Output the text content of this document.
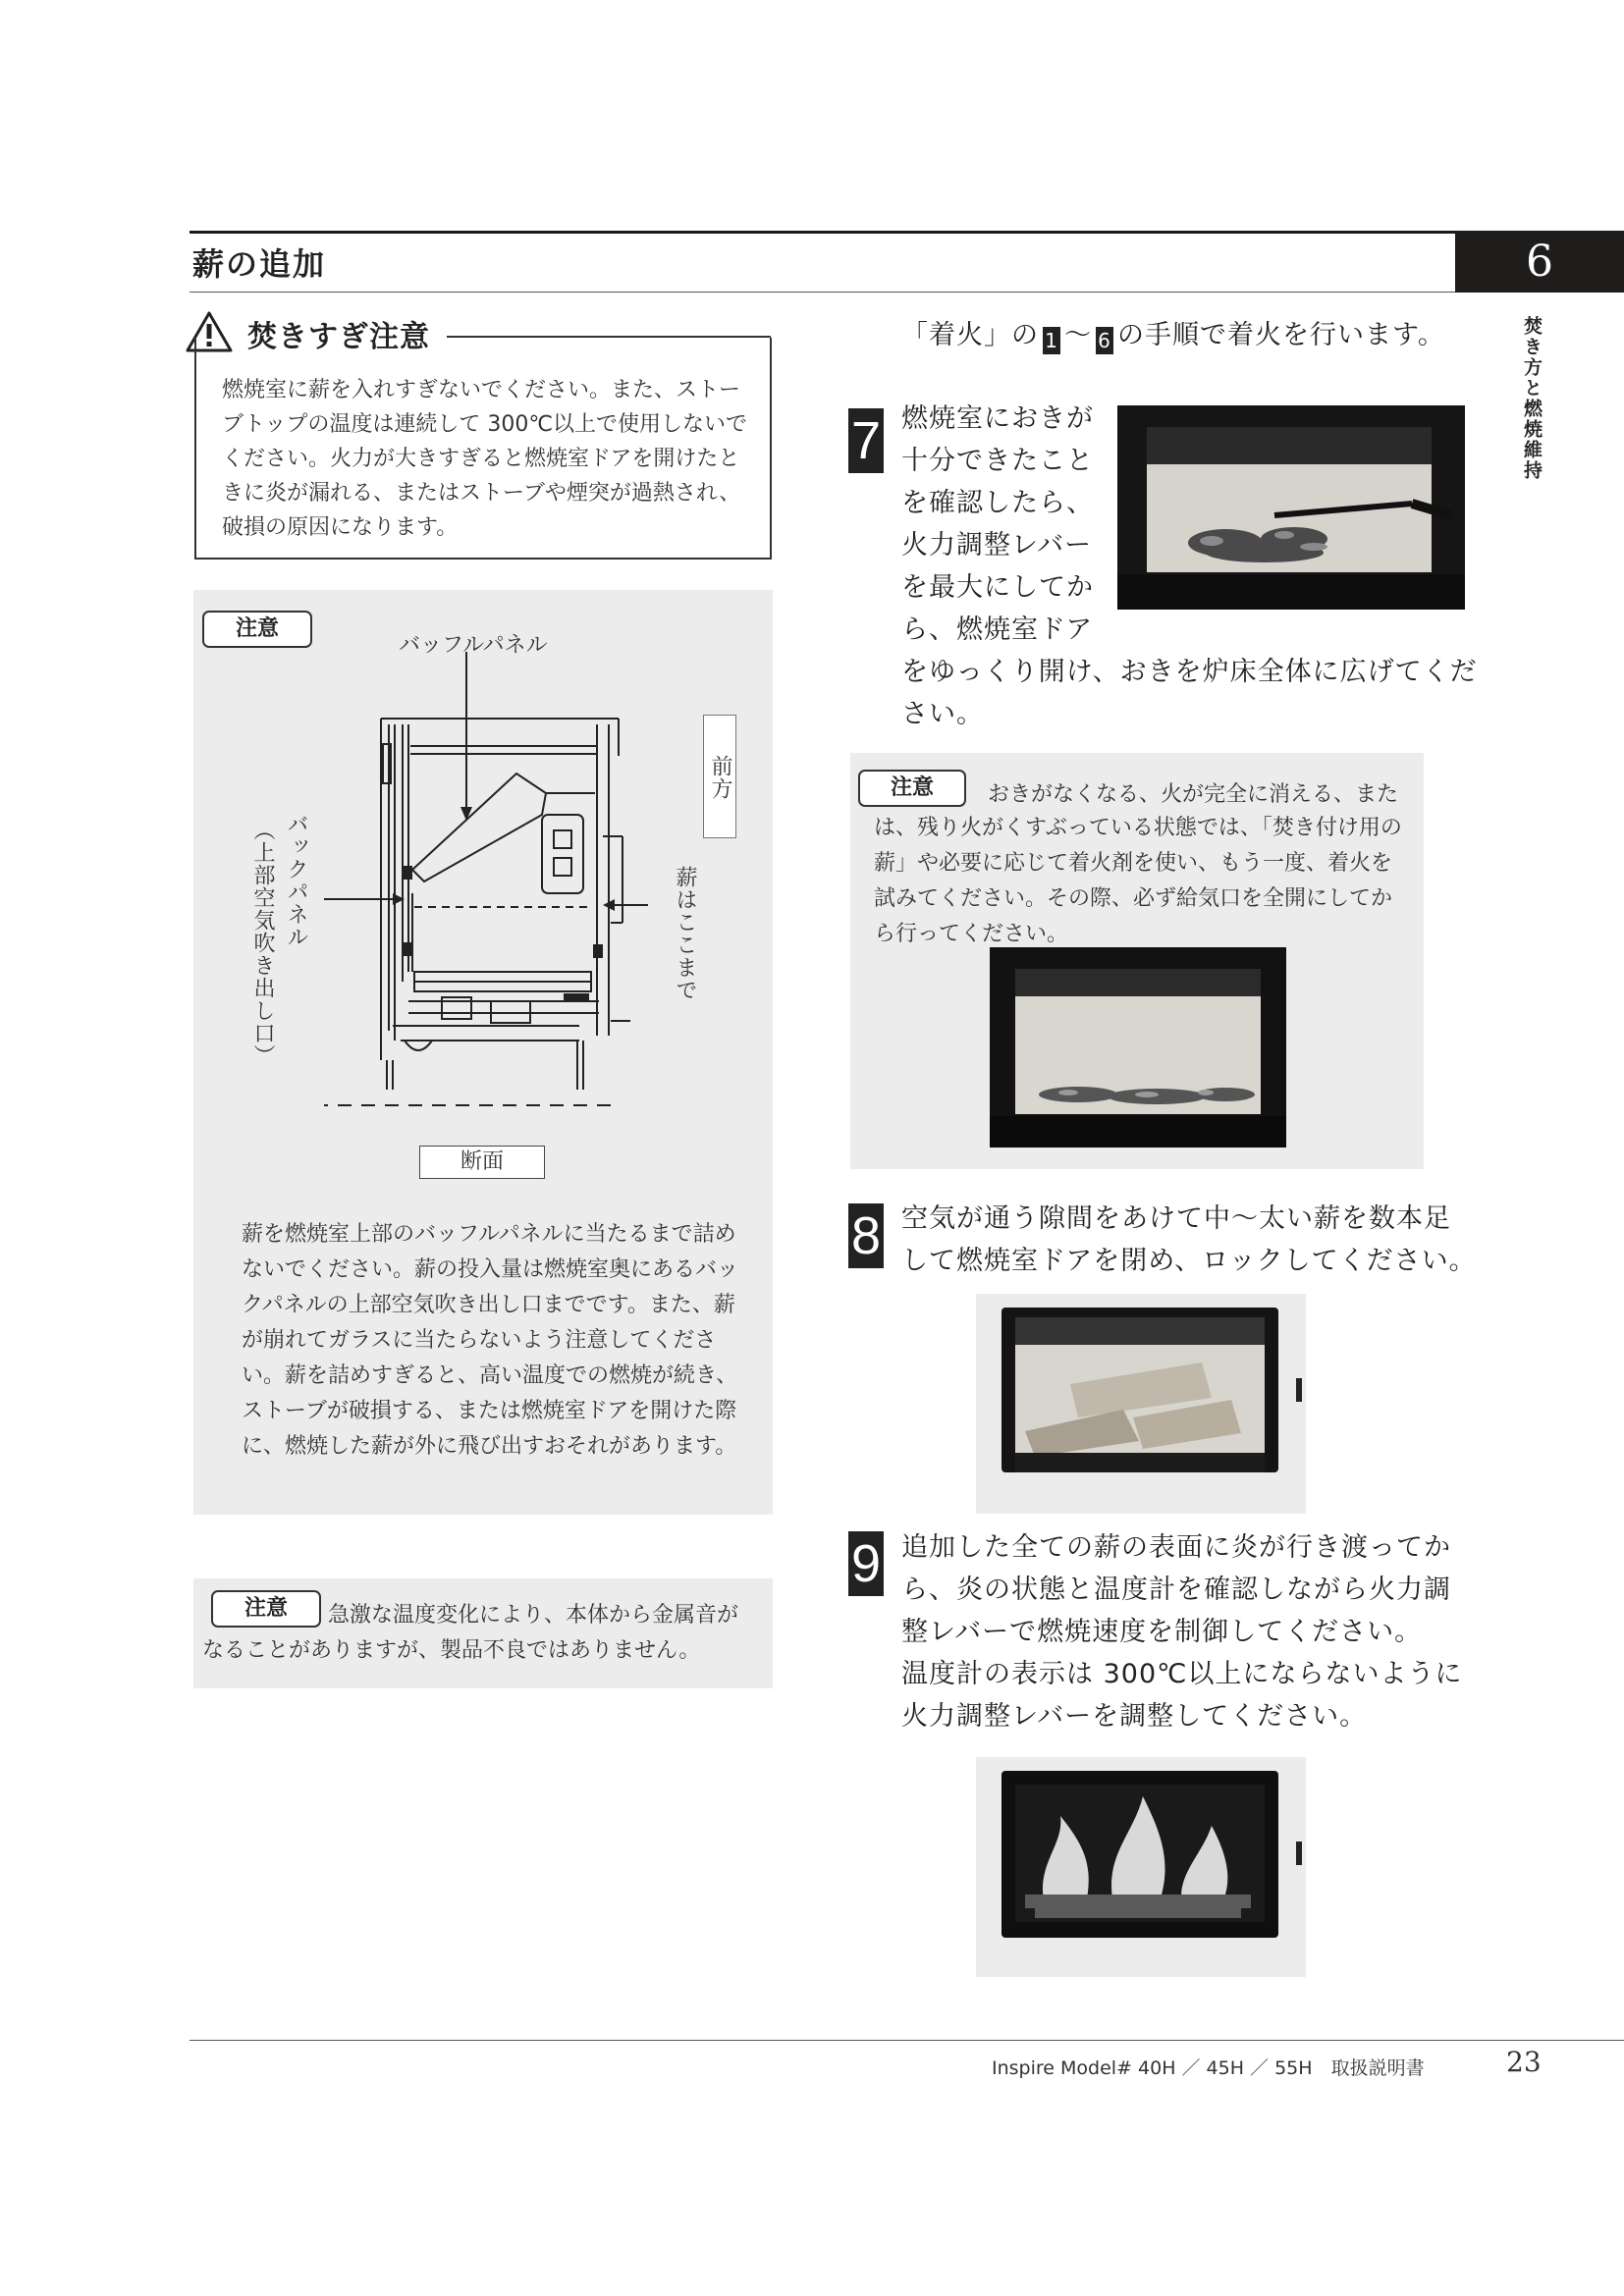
薪の追加	6
焚き方と燃焼維持
焚きすぎ注意
燃焼室に薪を入れすぎないでください。また、ストーブトップの温度は連続して 300℃以上で使用しないでください。火力が大きすぎると燃焼室ドアを開けたときに炎が漏れる、またはストーブや煙突が過熱され、破損の原因になります。
注意
バッフルパネル
前方
バックパネル
（上部空気吹き出し口）	薪はここまで
断面
薪を燃焼室上部のバッフルパネルに当たるまで詰めないでください。薪の投入量は燃焼室奥にあるバックパネルの上部空気吹き出し口までです。また、薪が崩れてガラスに当たらないよう注意してください。薪を詰めすぎると、高い温度での燃焼が続き、ストーブが破損する、または燃焼室ドアを開けた際に、燃焼した薪が外に飛び出すおそれがあります。
注意	急激な温度変化により、本体から金属音がなることがありますが、製品不良ではありません。
「着火」の 1 ～ 6 の手順で着火を行います。
7 燃焼室におきが
十分できたこと
を確認したら、
火力調整レバー
を最大にしてか
ら、燃焼室ドア
をゆっくり開け、おきを炉床全体に広げてくだ
さい。
注意	おきがなくなる、火が完全に消える、また
は、残り火がくすぶっている状態では、「焚き付け用の薪」や必要に応じて着火剤を使い、もう一度、着火を試みてください。その際、必ず給気口を全開にしてから行ってください。
8 空気が通う隙間をあけて中～太い薪を数本足
して燃焼室ドアを閉め、ロックしてください。
9 追加した全ての薪の表面に炎が行き渡ってか
ら、炎の状態と温度計を確認しながら火力調
整レバーで燃焼速度を制御してください。
温度計の表示は 300℃以上にならないように
火力調整レバーを調整してください。
Inspire Model# 40H ／ 45H ／ 55H　取扱説明書	23
